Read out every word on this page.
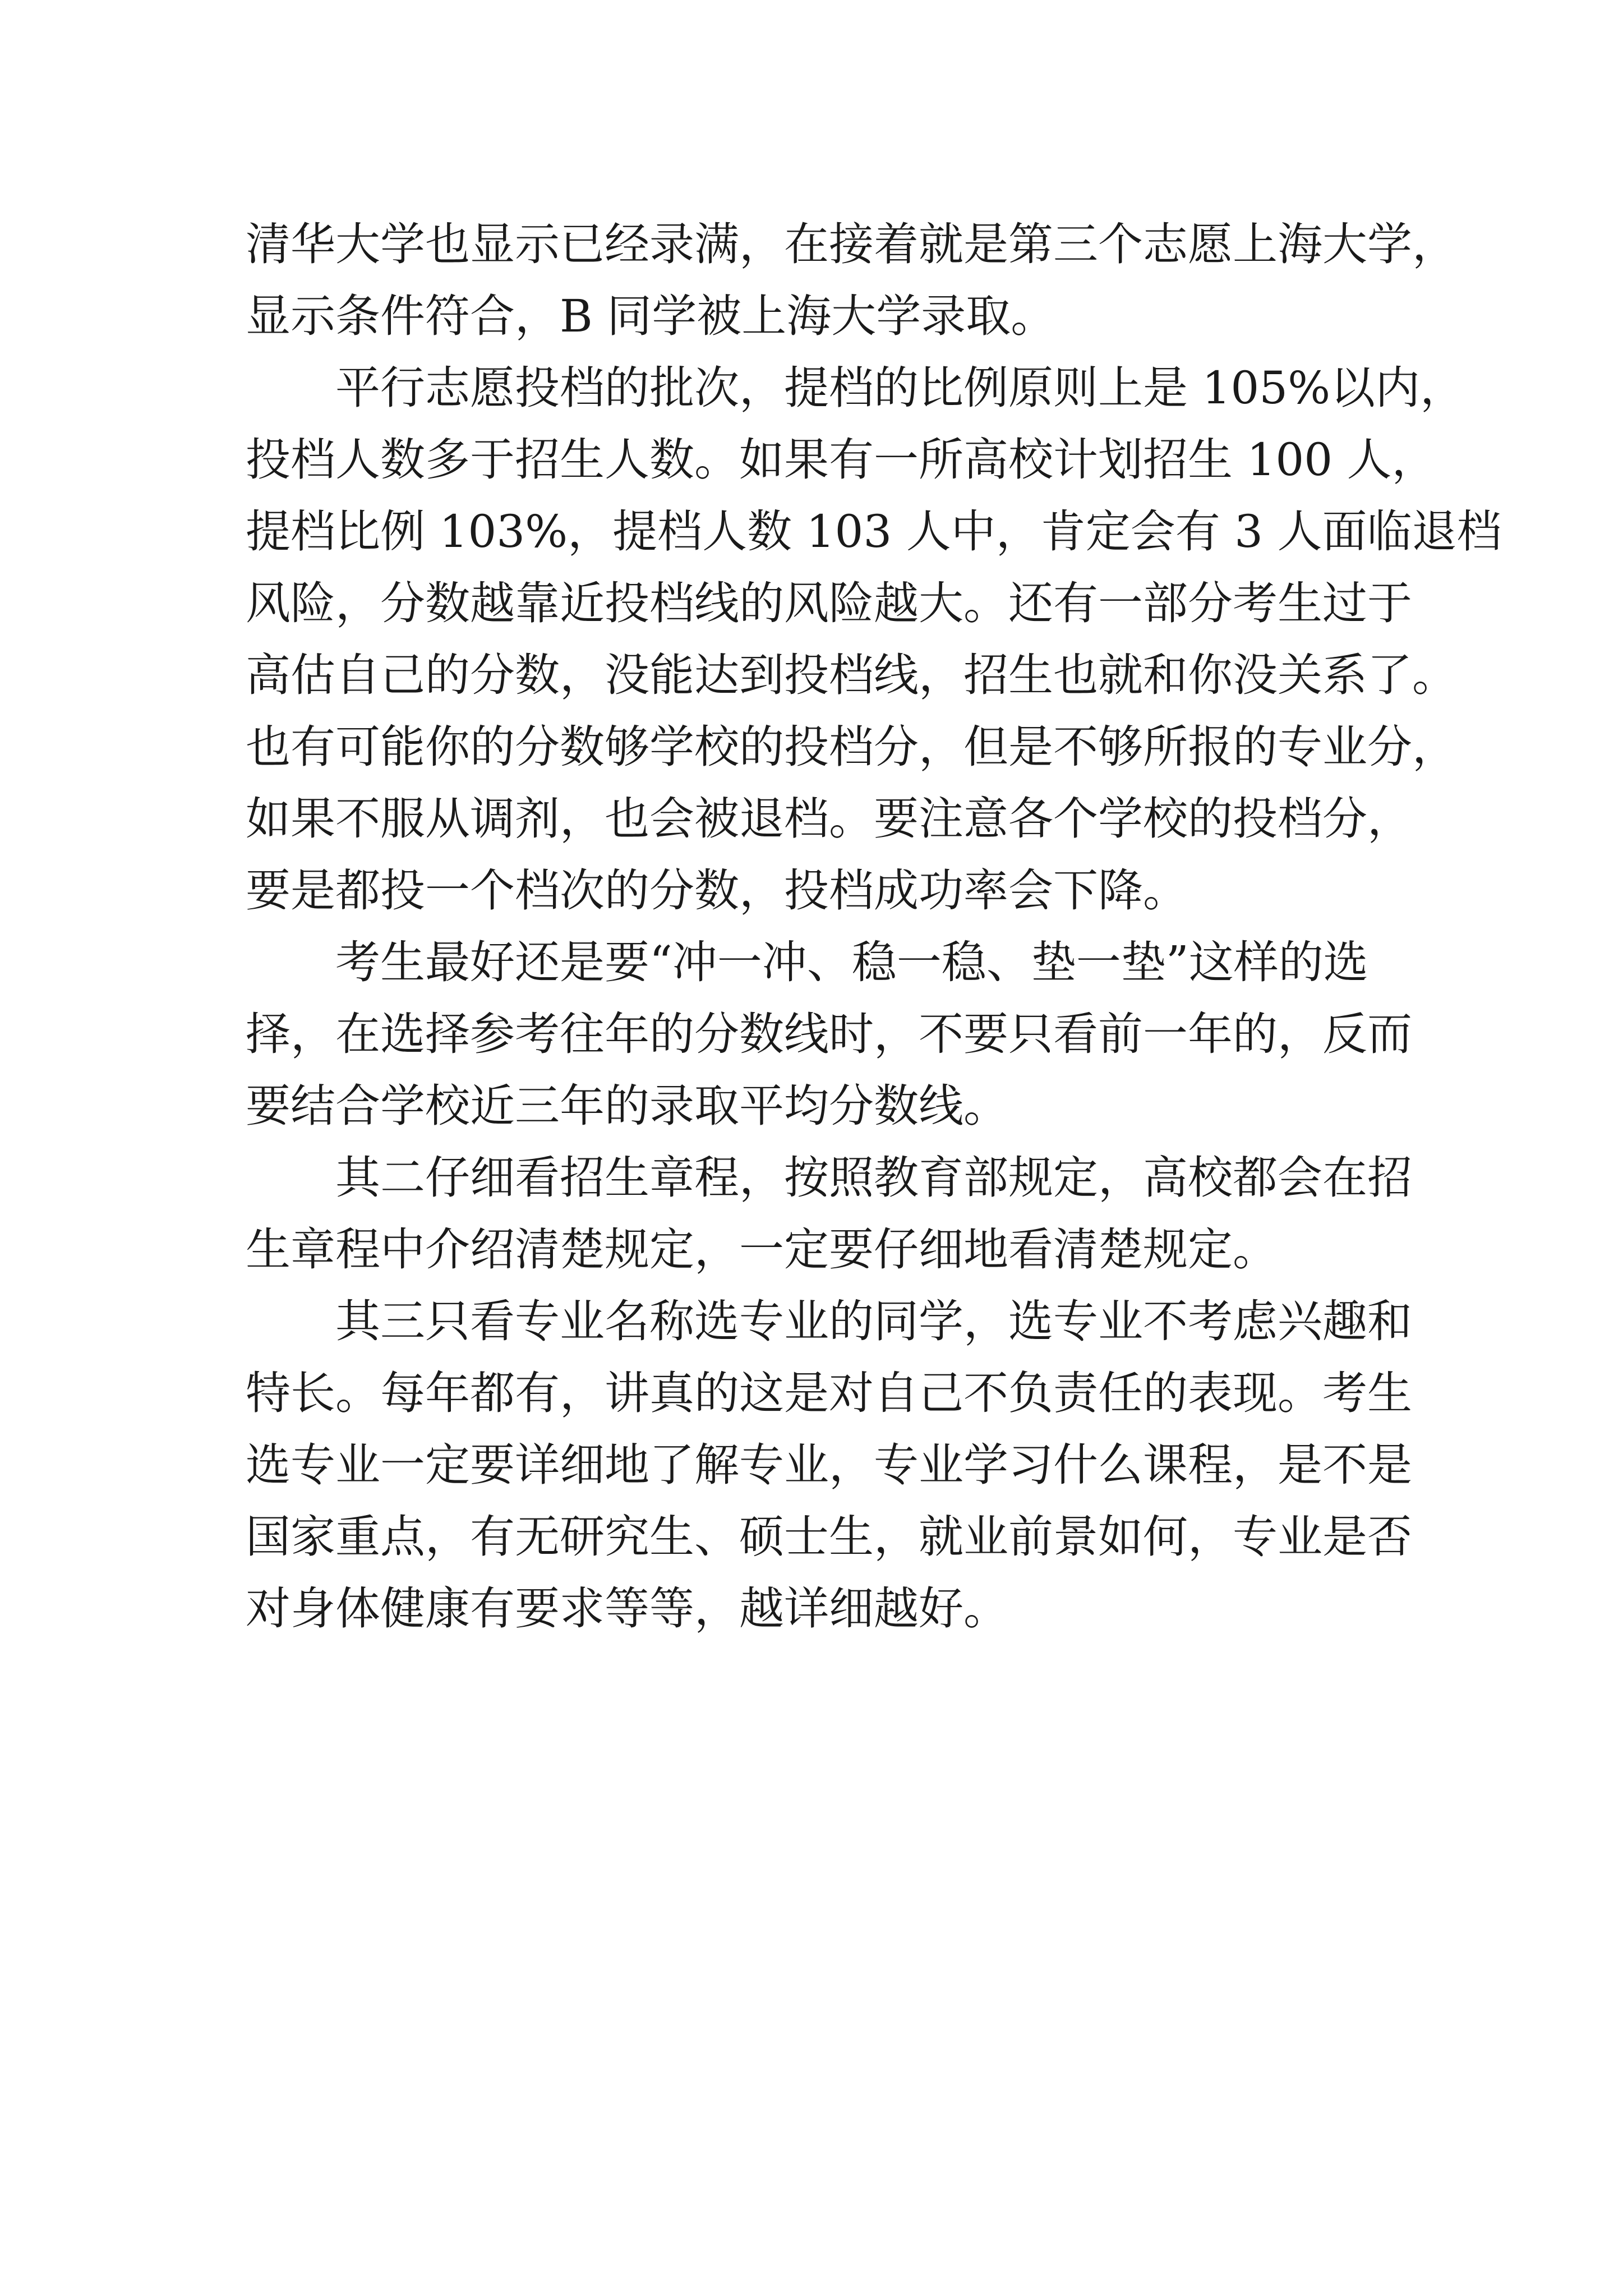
清华大学也显示已经录满，在接着就是第三个志愿上海大学，
显示条件符合，B 同学被上海大学录取。
平行志愿投档的批次，提档的比例原则上是 105%以内，
投档人数多于招生人数。如果有一所高校计划招生 100 人，
提档比例 103%，提档人数 103 人中，肯定会有 3 人面临退档
风险，分数越靠近投档线的风险越大。还有一部分考生过于
高估自己的分数，没能达到投档线，招生也就和你没关系了。
也有可能你的分数够学校的投档分，但是不够所报的专业分，
如果不服从调剂，也会被退档。要注意各个学校的投档分，
要是都投一个档次的分数，投档成功率会下降。
考生最好还是要“冲一冲、稳一稳、垫一垫”这样的选
择，在选择参考往年的分数线时，不要只看前一年的，反而
要结合学校近三年的录取平均分数线。
其二仔细看招生章程，按照教育部规定，高校都会在招
生章程中介绍清楚规定，一定要仔细地看清楚规定。
其三只看专业名称选专业的同学，选专业不考虑兴趣和
特长。每年都有，讲真的这是对自己不负责任的表现。考生
选专业一定要详细地了解专业，专业学习什么课程，是不是
国家重点，有无研究生、硕士生，就业前景如何，专业是否
对身体健康有要求等等，越详细越好。
